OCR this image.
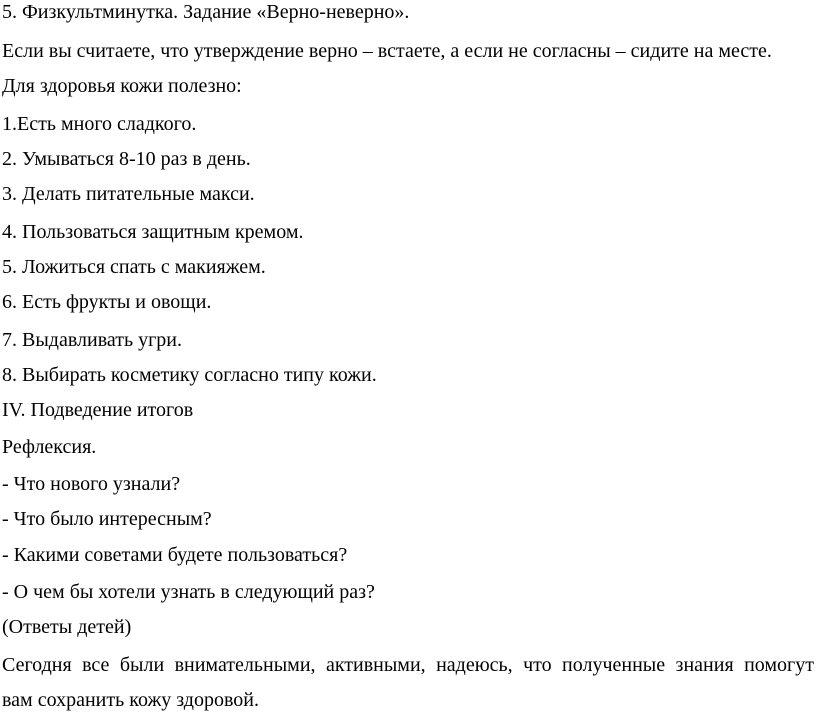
5. Физкультминутка. Задание «Верно-неверно».
Если вы считаете, что утверждение верно – встаете, а если не согласны – сидите на месте.
Для здоровья кожи полезно:
1.Есть много сладкого.
2. Умываться 8-10 раз в день.
3. Делать питательные макси.
4. Пользоваться защитным кремом.
5. Ложиться спать с макияжем.
6. Есть фрукты и овощи.
7. Выдавливать угри.
8. Выбирать косметику согласно типу кожи.
IV. Подведение итогов
Рефлексия.
- Что нового узнали?
- Что было интересным?
- Какими советами будете пользоваться?
- О чем бы хотели узнать в следующий раз?
(Ответы детей)
Сегодня все были внимательными, активными, надеюсь, что полученные знания помогут
вам сохранить кожу здоровой.
